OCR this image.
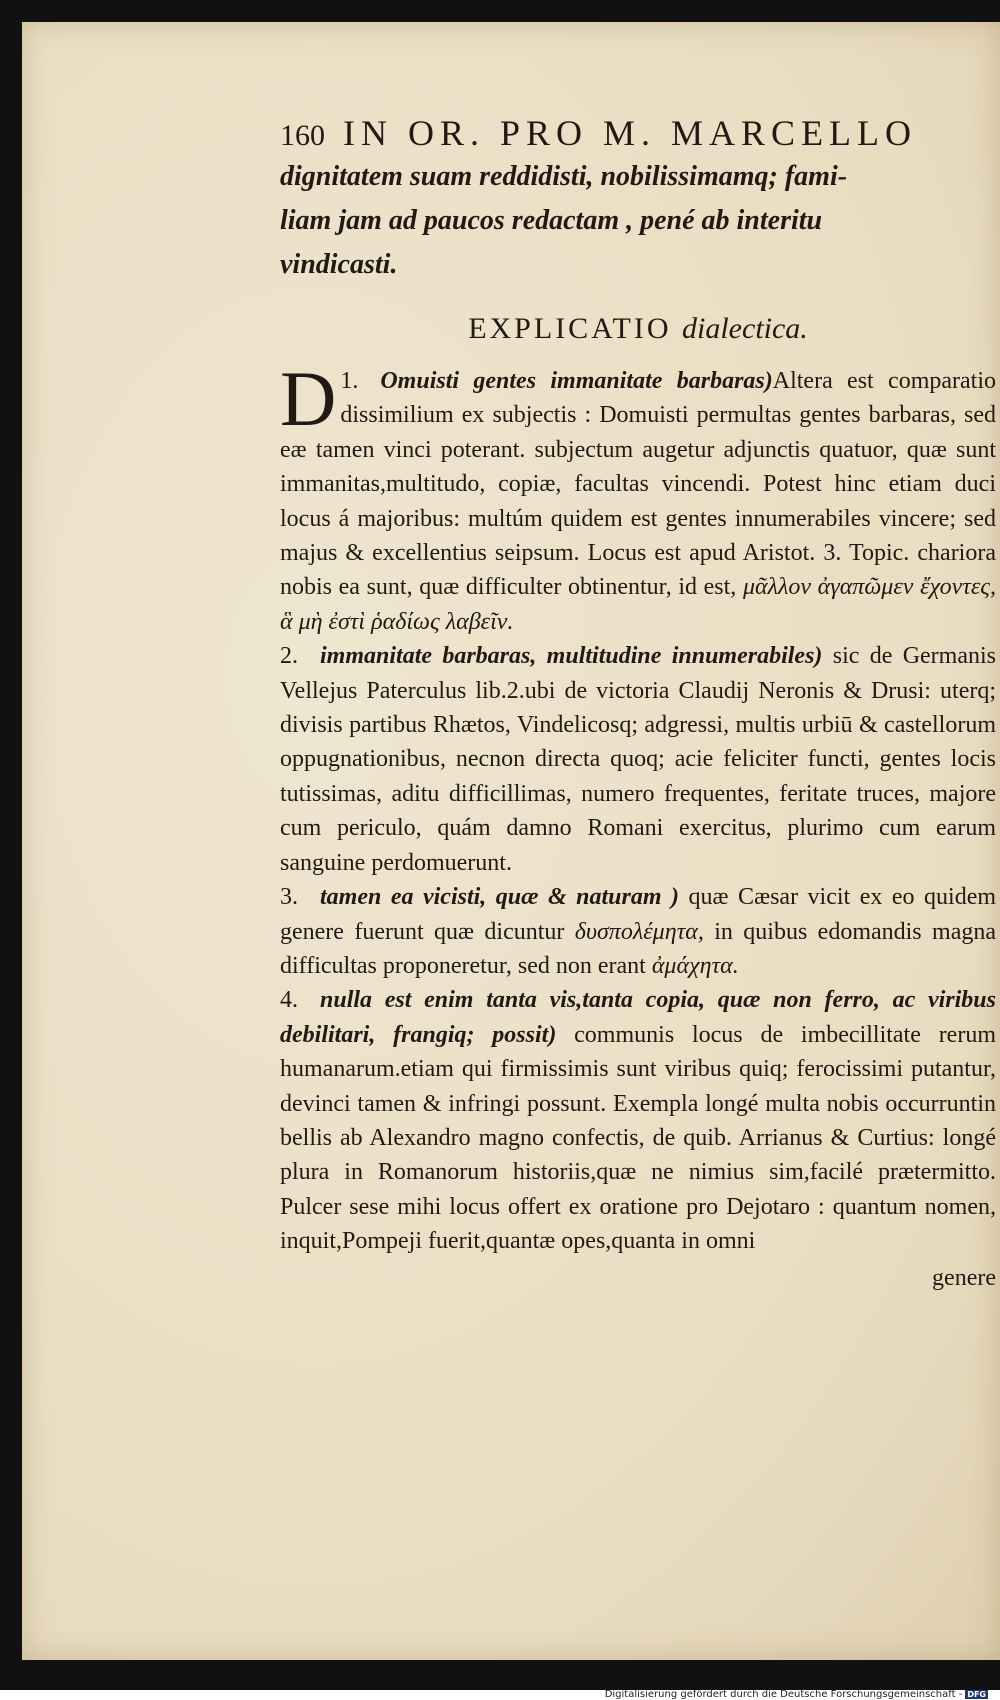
160 IN OR. PRO M. MARCELLO
dignitatem suam reddidisti, nobilissimamq; fami-
liam jam ad paucos redactam , pené ab interitu
vindicasti.
EXPLICATIO dialectica.

1.
D Omuisti gentes immanitate barbaras)Altera est comparatio dissimilium ex subjectis : Domuisti permultas gentes barbaras, sed eæ tamen vinci poterant. subjectum augetur adjunctis quatuor, quæ sunt immanitas,multitudo, copiæ, facultas vincendi. Potest hinc etiam duci locus á majoribus: multúm quidem est gentes innumerabiles vincere; sed majus & excellentius seipsum. Locus est apud Aristot. 3. Topic. chariora nobis ea sunt, quæ difficulter obtinentur, id est, μᾶλλον ἀγαπῶμεν ἔχοντες, ἃ μὴ ἐστὶ ῥαδίως λαβεῖν.

2. immanitate barbaras, multitudine innumerabiles) sic de Germanis Vellejus Paterculus lib.2.ubi de victoria Claudij Neronis & Drusi: uterq; divisis partibus Rhætos, Vindelicosq; adgressi, multis urbiū & castellorum oppugnationibus, necnon directa quoq; acie feliciter functi, gentes locis tutissimas, aditu difficillimas, numero frequentes, feritate truces, majore cum periculo, quám damno Romani exercitus, plurimo cum earum sanguine perdomuerunt.

3. tamen ea vicisti, quæ & naturam ) quæ Cæsar vicit ex eo quidem genere fuerunt quæ dicuntur δυσπολέμητα, in quibus edomandis magna difficultas proponeretur, sed non erant ἀμάχητα.

4. nulla est enim tanta vis,tanta copia, quæ non ferro, ac viribus debilitari, frangiq; possit) communis locus de imbecillitate rerum humanarum.etiam qui firmissimis sunt viribus quiq; ferocissimi putantur, devinci tamen & infringi possunt. Exempla longé multa nobis occurruntin bellis ab Alexandro magno confectis, de quib. Arrianus & Curtius: longé plura in Romanorum historiis,quæ ne nimius sim,facilé prætermitto. Pulcer sese mihi locus offert ex oratione pro Dejotaro : quantum nomen, inquit,Pompeji fuerit,quantæ opes,quanta in omni

genere
Digitalisierung gefördert durch die Deutsche Forschungsgemeinschaft - DFG
